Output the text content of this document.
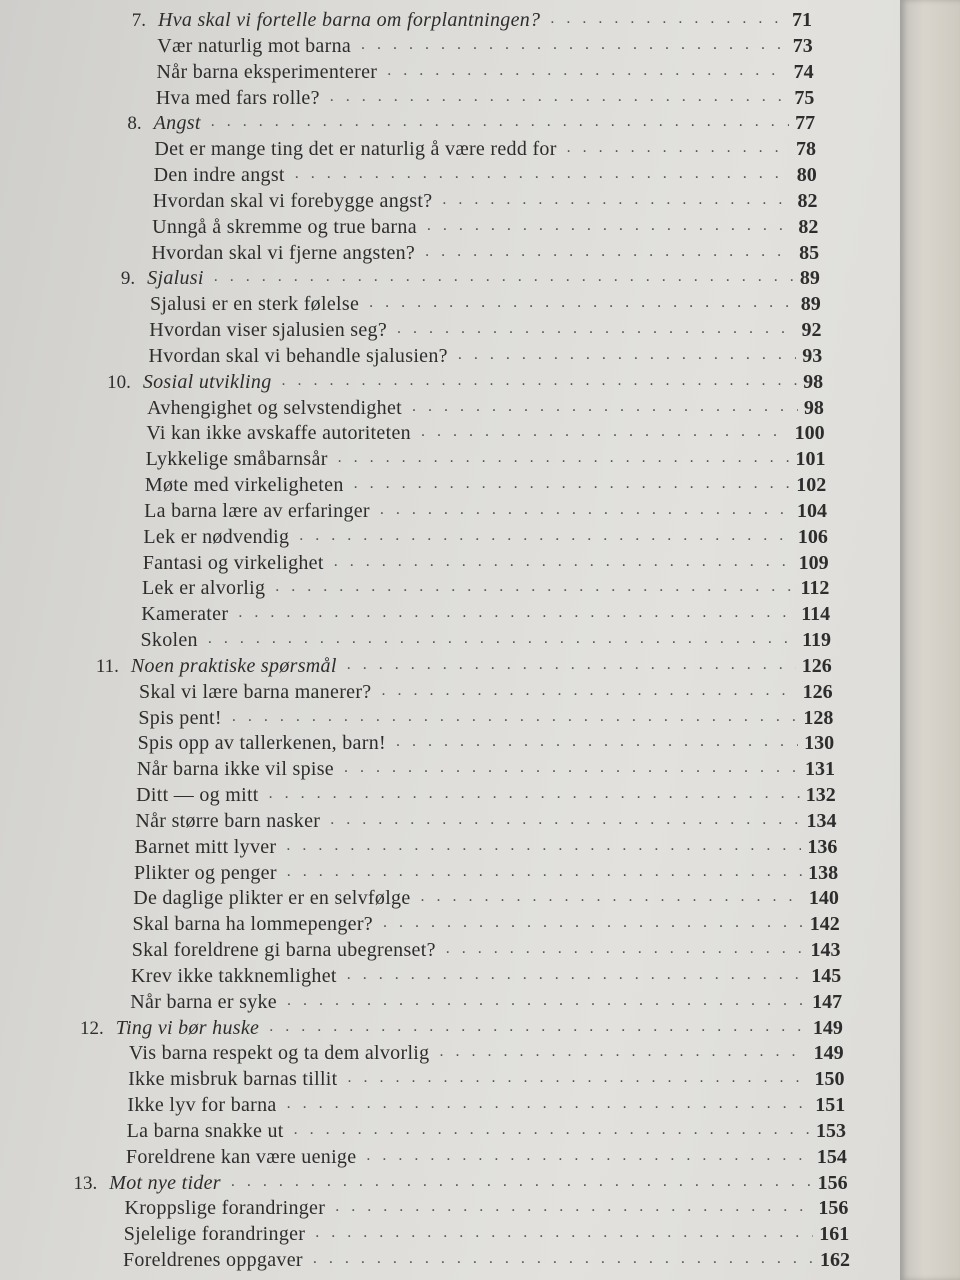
7. Hva skal vi fortelle barna om forplantningen? . . .	71
Vær naturlig mot barna . . .	73
Når barna eksperimenterer . . .	74
Hva med fars rolle? . . .	75
8. Angst . . .	77
Det er mange ting det er naturlig å være redd for . . .	78
Den indre angst . . .	80
Hvordan skal vi forebygge angst? . . .	82
Unngå å skremme og true barna . . .	82
Hvordan skal vi fjerne angsten? . . .	85
9. Sjalusi . . .	89
Sjalusi er en sterk følelse . . .	89
Hvordan viser sjalusien seg? . . .	92
Hvordan skal vi behandle sjalusien? . . .	93
10. Sosial utvikling . . .	98
Avhengighet og selvstendighet . . .	98
Vi kan ikke avskaffe autoriteten . . .	100
Lykkelige småbarnsår . . .	101
Møte med virkeligheten . . .	102
La barna lære av erfaringer . . .	104
Lek er nødvendig . . .	106
Fantasi og virkelighet . . .	109
Lek er alvorlig . . .	112
Kamerater . . .	114
Skolen . . .	119
11. Noen praktiske spørsmål . . .	126
Skal vi lære barna manerer? . . .	126
Spis pent! . . .	128
Spis opp av tallerkenen, barn! . . .	130
Når barna ikke vil spise . . .	131
Ditt — og mitt . . .	132
Når større barn nasker . . .	134
Barnet mitt lyver . . .	136
Plikter og penger . . .	138
De daglige plikter er en selvfølge . . .	140
Skal barna ha lommepenger? . . .	142
Skal foreldrene gi barna ubegrenset? . . .	143
Krev ikke takknemlighet . . .	145
Når barna er syke . . .	147
12. Ting vi bør huske . . .	149
Vis barna respekt og ta dem alvorlig . . .	149
Ikke misbruk barnas tillit . . .	150
Ikke lyv for barna . . .	151
La barna snakke ut . . .	153
Foreldrene kan være uenige . . .	154
13. Mot nye tider . . .	156
Kroppslige forandringer . . .	156
Sjelelige forandringer . . .	161
Foreldrenes oppgaver . . .	162
